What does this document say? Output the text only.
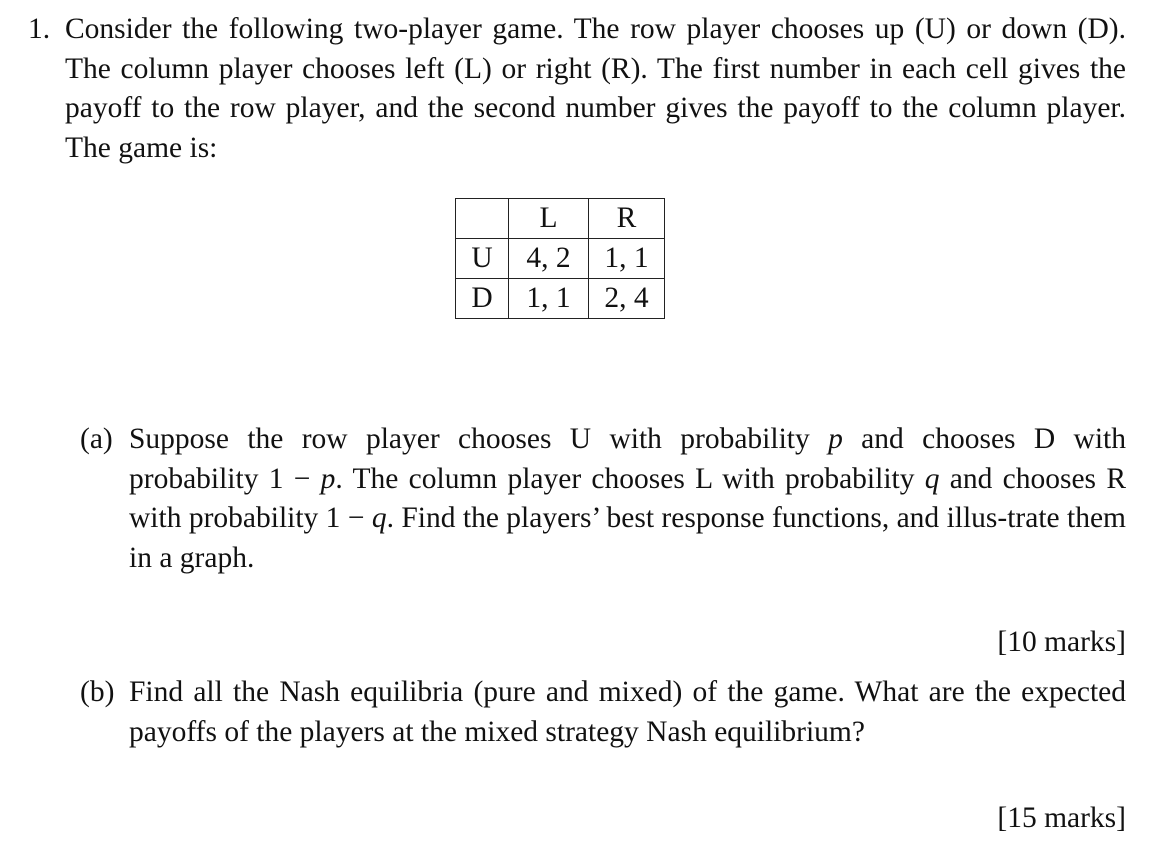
1. Consider the following two-player game. The row player chooses up (U) or down (D). The column player chooses left (L) or right (R). The first number in each cell gives the payoff to the row player, and the second number gives the payoff to the column player. The game is:
	L	R
U	4, 2	1, 1
D	1, 1	2, 4
(a) Suppose the row player chooses U with probability p and chooses D with probability 1 − p. The column player chooses L with probability q and chooses R with probability 1 − q. Find the players’ best response functions, and illus-trate them in a graph.
[10 marks]
(b) Find all the Nash equilibria (pure and mixed) of the game. What are the expected payoffs of the players at the mixed strategy Nash equilibrium?
[15 marks]
